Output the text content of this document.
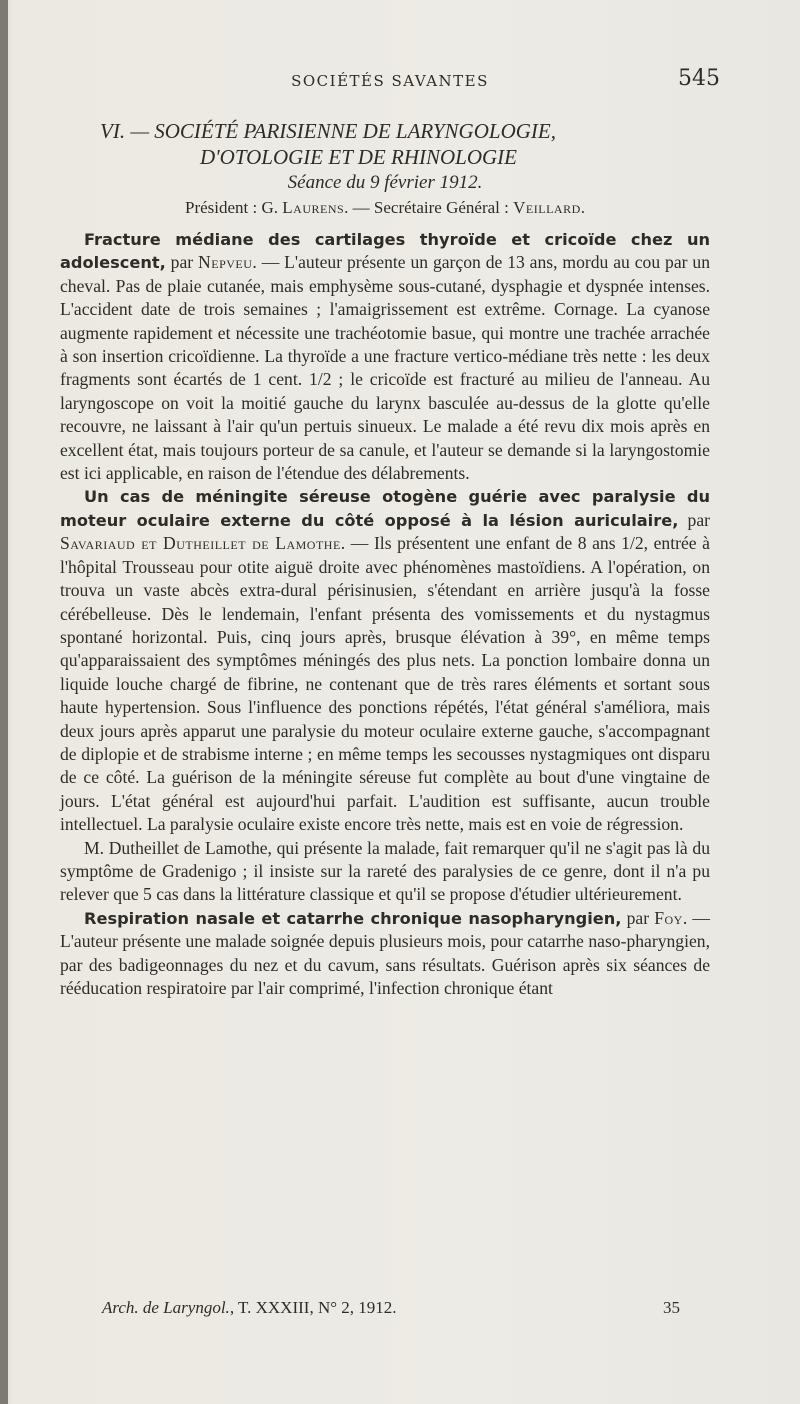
SOCIÉTÉS SAVANTES	545
VI. — SOCIÉTÉ PARISIENNE DE LARYNGOLOGIE,
D'OTOLOGIE ET DE RHINOLOGIE
Séance du 9 février 1912.
Président : G. Laurens. — Secrétaire Général : Veillard.

Fracture médiane des cartilages thyroïde et cricoïde chez un adolescent, par Nepveu. — L'auteur présente un garçon de 13 ans, mordu au cou par un cheval. Pas de plaie cutanée, mais emphysème sous-cutané, dysphagie et dyspnée intenses. L'accident date de trois semaines ; l'amaigrissement est extrême. Cornage. La cyanose augmente rapidement et nécessite une trachéotomie basue, qui montre une trachée arrachée à son insertion cricoïdienne. La thyroïde a une fracture vertico-médiane très nette : les deux fragments sont écartés de 1 cent. 1/2 ; le cricoïde est fracturé au milieu de l'anneau. Au laryngoscope on voit la moitié gauche du larynx basculée au-dessus de la glotte qu'elle recouvre, ne laissant à l'air qu'un pertuis sinueux. Le malade a été revu dix mois après en excellent état, mais toujours porteur de sa canule, et l'auteur se demande si la laryngostomie est ici applicable, en raison de l'étendue des délabrements.

Un cas de méningite séreuse otogène guérie avec paralysie du moteur oculaire externe du côté opposé à la lésion auriculaire, par Savariaud et Dutheillet de Lamothe. — Ils présentent une enfant de 8 ans 1/2, entrée à l'hôpital Trousseau pour otite aiguë droite avec phénomènes mastoïdiens. A l'opération, on trouva un vaste abcès extra-dural périsinusien, s'étendant en arrière jusqu'à la fosse cérébelleuse. Dès le lendemain, l'enfant présenta des vomissements et du nystagmus spontané horizontal. Puis, cinq jours après, brusque élévation à 39°, en même temps qu'apparaissaient des symptômes méningés des plus nets. La ponction lombaire donna un liquide louche chargé de fibrine, ne contenant que de très rares éléments et sortant sous haute hypertension. Sous l'influence des ponctions répétés, l'état général s'améliora, mais deux jours après apparut une paralysie du moteur oculaire externe gauche, s'accompagnant de diplopie et de strabisme interne ; en même temps les secousses nystagmiques ont disparu de ce côté. La guérison de la méningite séreuse fut complète au bout d'une vingtaine de jours. L'état général est aujourd'hui parfait. L'audition est suffisante, aucun trouble intellectuel. La paralysie oculaire existe encore très nette, mais est en voie de régression.

M. Dutheillet de Lamothe, qui présente la malade, fait remarquer qu'il ne s'agit pas là du symptôme de Gradenigo ; il insiste sur la rareté des paralysies de ce genre, dont il n'a pu relever que 5 cas dans la littérature classique et qu'il se propose d'étudier ultérieurement.

Respiration nasale et catarrhe chronique nasopharyngien, par Foy. — L'auteur présente une malade soignée depuis plusieurs mois, pour catarrhe naso-pharyngien, par des badigeonnages du nez et du cavum, sans résultats. Guérison après six séances de rééducation respiratoire par l'air comprimé, l'infection chronique étant

Arch. de Laryngol., T. XXXIII, N° 2, 1912.	35
